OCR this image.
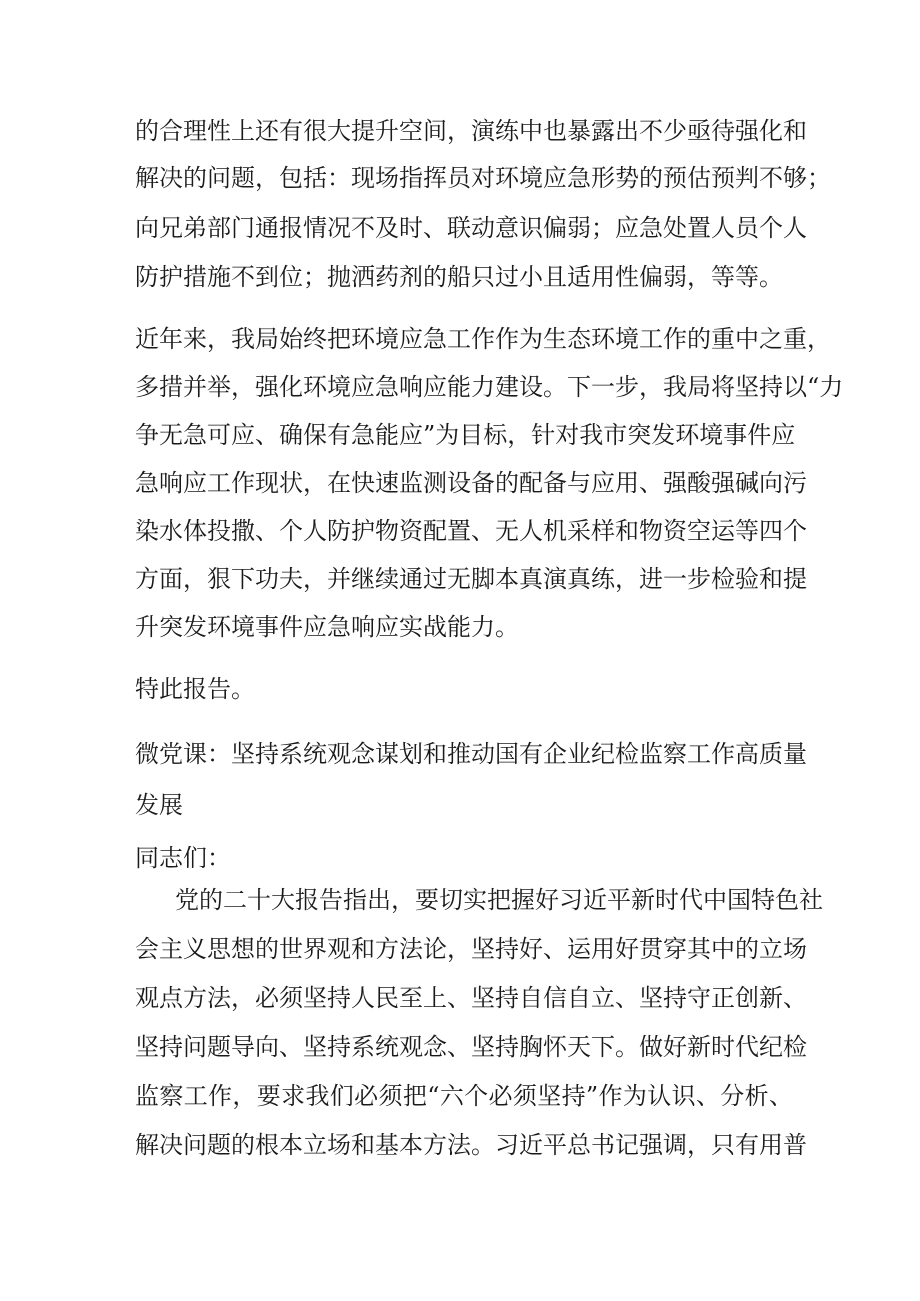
的合理性上还有很大提升空间，演练中也暴露出不少亟待强化和
解决的问题，包括：现场指挥员对环境应急形势的预估预判不够；
向兄弟部门通报情况不及时、联动意识偏弱；应急处置人员个人
防护措施不到位；抛洒药剂的船只过小且适用性偏弱，等等。
近年来，我局始终把环境应急工作作为生态环境工作的重中之重，
多措并举，强化环境应急响应能力建设。下一步，我局将坚持以“力
争无急可应、确保有急能应”为目标，针对我市突发环境事件应
急响应工作现状，在快速监测设备的配备与应用、强酸强碱向污
染水体投撒、个人防护物资配置、无人机采样和物资空运等四个
方面，狠下功夫，并继续通过无脚本真演真练，进一步检验和提
升突发环境事件应急响应实战能力。
特此报告。
微党课：坚持系统观念谋划和推动国有企业纪检监察工作高质量
发展
同志们：
党的二十大报告指出，要切实把握好习近平新时代中国特色社
会主义思想的世界观和方法论，坚持好、运用好贯穿其中的立场
观点方法，必须坚持人民至上、坚持自信自立、坚持守正创新、
坚持问题导向、坚持系统观念、坚持胸怀天下。做好新时代纪检
监察工作，要求我们必须把“六个必须坚持”作为认识、分析、
解决问题的根本立场和基本方法。习近平总书记强调，只有用普
